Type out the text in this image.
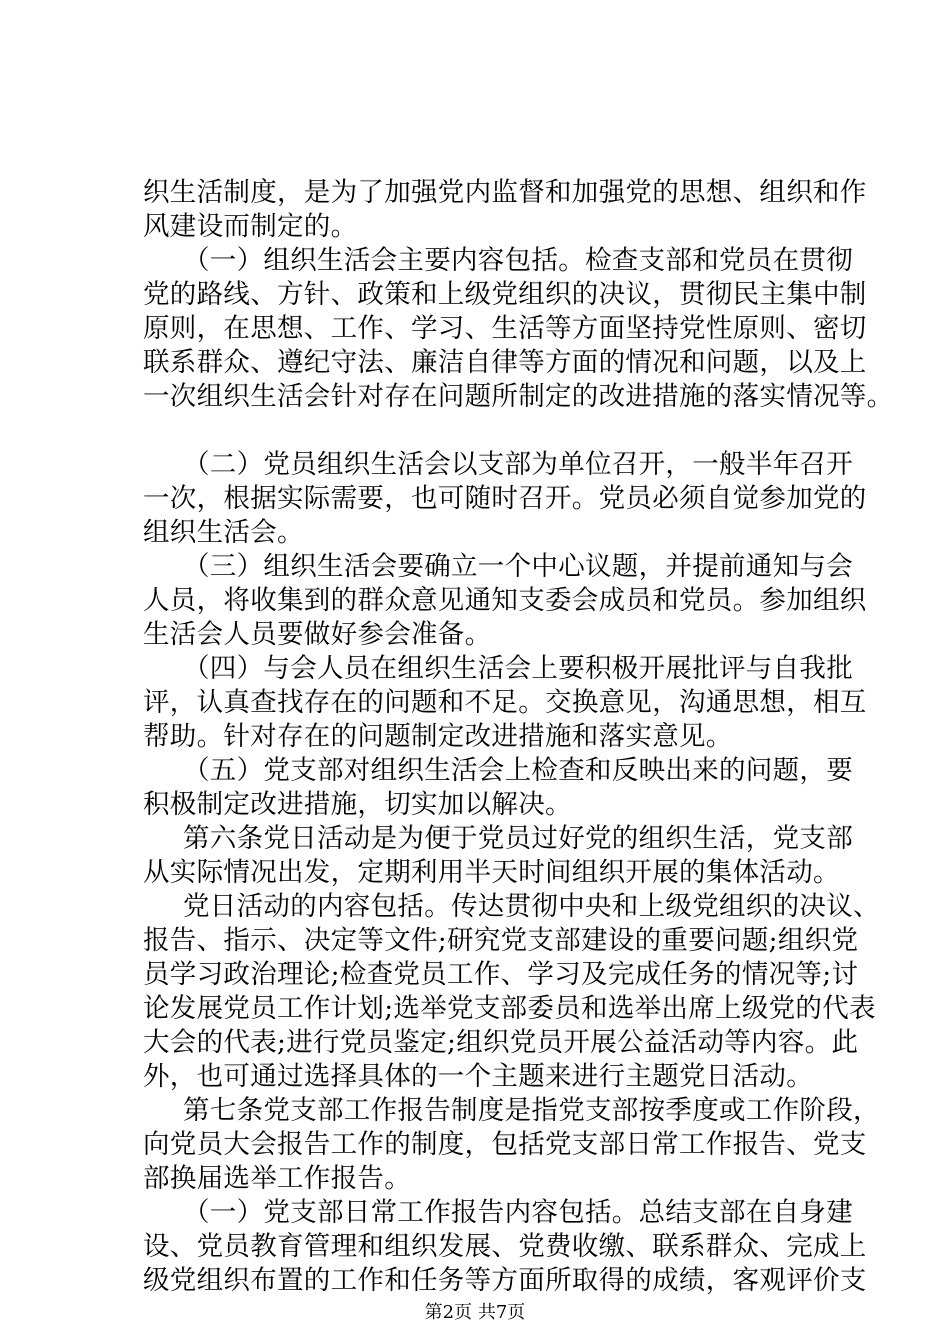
织生活制度，是为了加强党内监督和加强党的思想、组织和作
风建设而制定的。
（一）组织生活会主要内容包括。检查支部和党员在贯彻
党的路线、方针、政策和上级党组织的决议，贯彻民主集中制
原则，在思想、工作、学习、生活等方面坚持党性原则、密切
联系群众、遵纪守法、廉洁自律等方面的情况和问题，以及上
一次组织生活会针对存在问题所制定的改进措施的落实情况等。
（二）党员组织生活会以支部为单位召开，一般半年召开
一次，根据实际需要，也可随时召开。党员必须自觉参加党的
组织生活会。
（三）组织生活会要确立一个中心议题，并提前通知与会
人员，将收集到的群众意见通知支委会成员和党员。参加组织
生活会人员要做好参会准备。
（四）与会人员在组织生活会上要积极开展批评与自我批
评，认真查找存在的问题和不足。交换意见，沟通思想，相互
帮助。针对存在的问题制定改进措施和落实意见。
（五）党支部对组织生活会上检查和反映出来的问题，要
积极制定改进措施，切实加以解决。
第六条党日活动是为便于党员过好党的组织生活，党支部
从实际情况出发，定期利用半天时间组织开展的集体活动。
党日活动的内容包括。传达贯彻中央和上级党组织的决议、
报告、指示、决定等文件;研究党支部建设的重要问题;组织党
员学习政治理论;检查党员工作、学习及完成任务的情况等;讨
论发展党员工作计划;选举党支部委员和选举出席上级党的代表
大会的代表;进行党员鉴定;组织党员开展公益活动等内容。此
外，也可通过选择具体的一个主题来进行主题党日活动。
第七条党支部工作报告制度是指党支部按季度或工作阶段，
向党员大会报告工作的制度，包括党支部日常工作报告、党支
部换届选举工作报告。
（一）党支部日常工作报告内容包括。总结支部在自身建
设、党员教育管理和组织发展、党费收缴、联系群众、完成上
级党组织布置的工作和任务等方面所取得的成绩，客观评价支
第2页 共7页
